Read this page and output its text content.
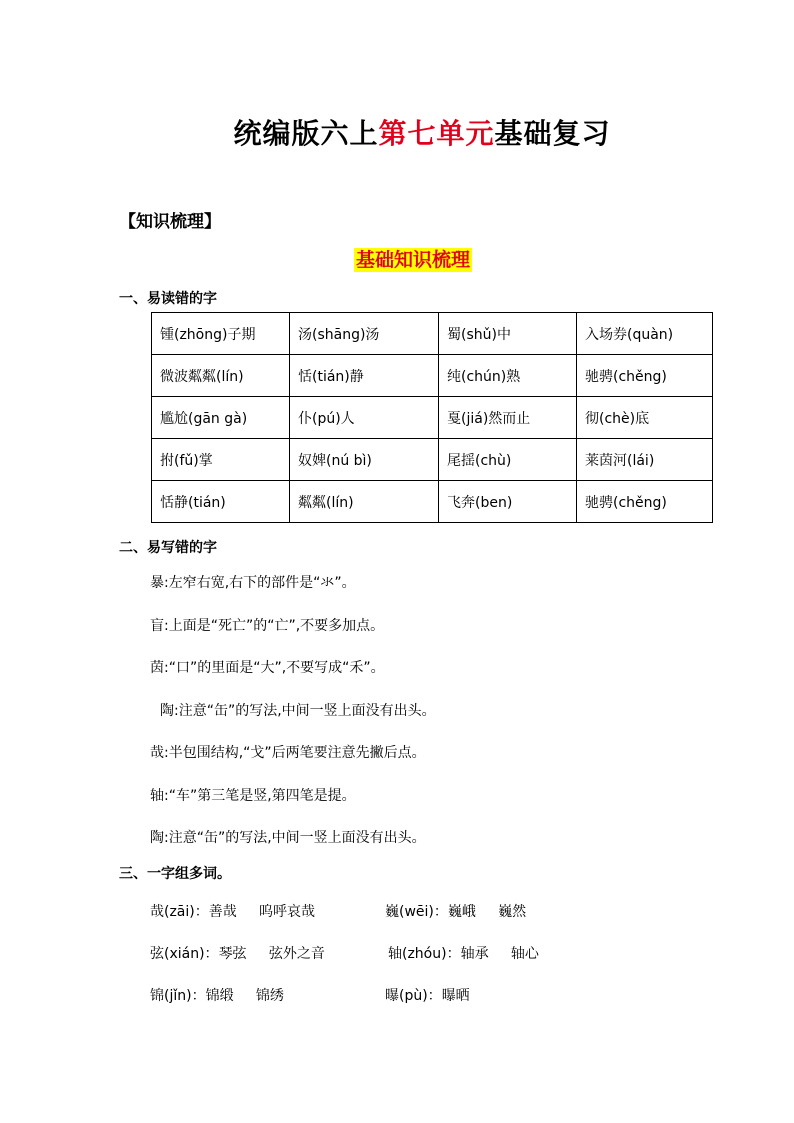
统编版六上第七单元基础复习
【知识梳理】
基础知识梳理
一、易读错的字
锺(zhōng)子期	汤(shāng)汤	蜀(shǔ)中	入场券(quàn)
微波粼粼(lín)	恬(tián)静	纯(chún)熟	驰骋(chěng)
尴尬(gān gà)	仆(pú)人	戛(jiá)然而止	彻(chè)底
拊(fǔ)掌	奴婢(nú bì)	尾揺(chù)	莱茵河(lái)
恬静(tián)	粼粼(lín)	飞奔(ben)	驰骋(chěng)
二、易写错的字
暴:左窄右宽,右下的部件是“氺”。
盲:上面是“死亡”的“亡”,不要多加点。
茵:“口”的里面是“大”,不要写成“禾”。
陶:注意“缶”的写法,中间一竖上面没有出头。
哉:半包围结构,“戈”后两笔要注意先撇后点。
轴:“车”第三笔是竖,第四笔是提。
陶:注意“缶”的写法,中间一竖上面没有出头。
三、一字组多词。
哉(zāi)：善哉     呜呼哀哉	巍(wēi)：巍峨     巍然
弦(xián)：琴弦     弦外之音	轴(zhóu)：轴承     轴心
锦(jǐn)：锦缎     锦绣	曝(pù)：曝晒
